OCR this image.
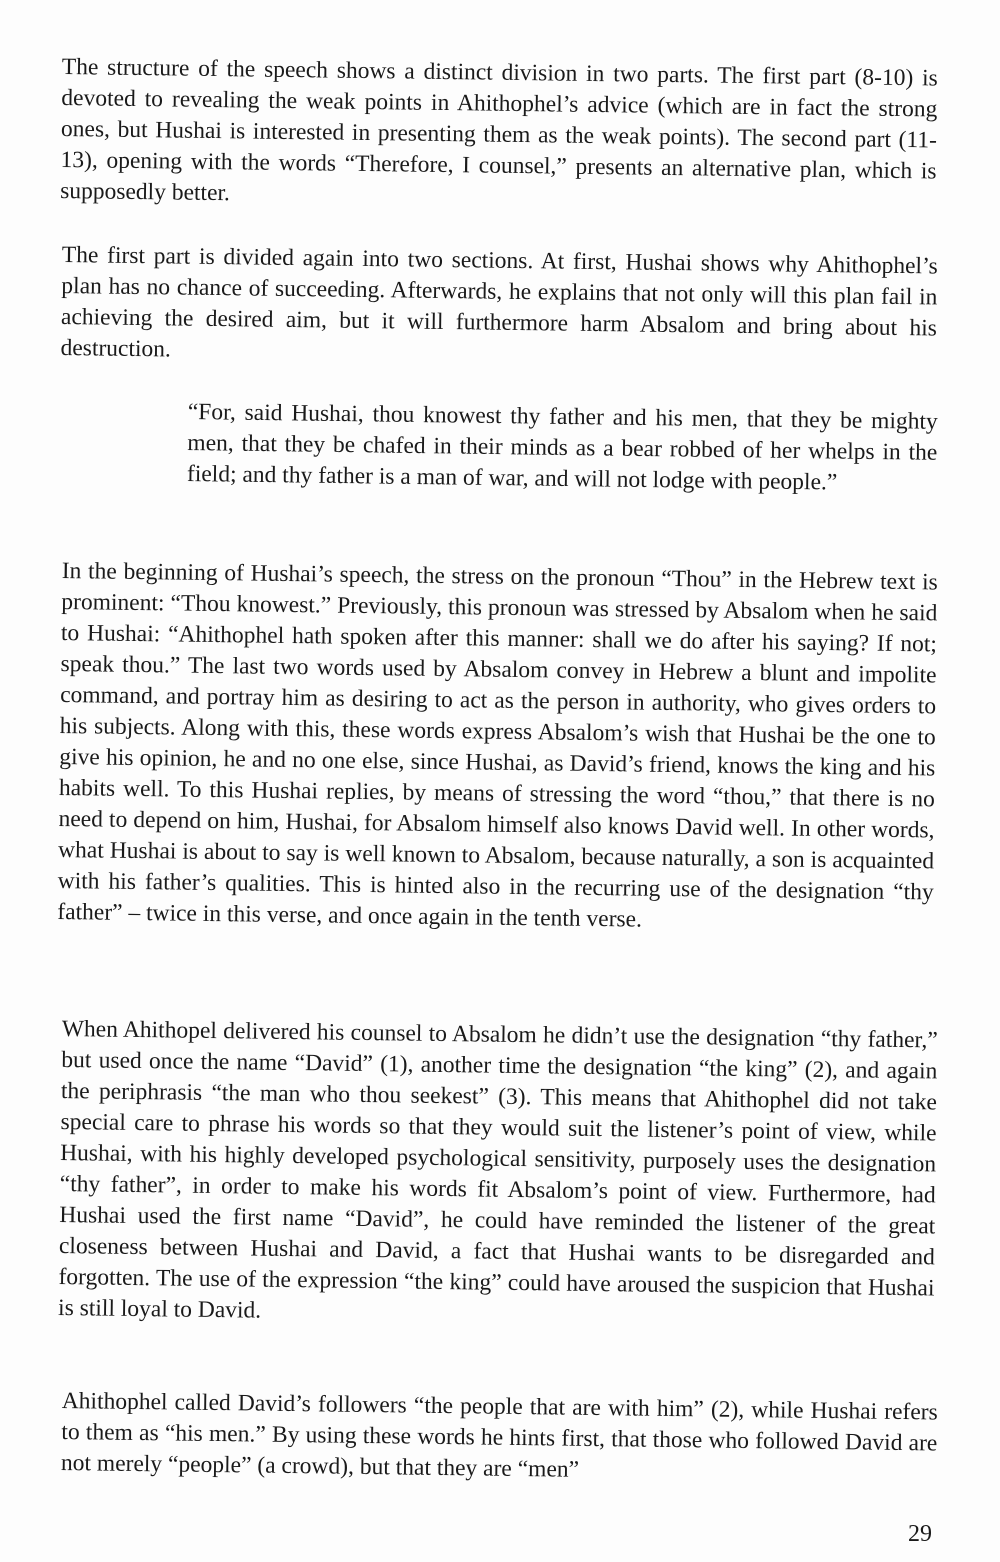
The structure of the speech shows a distinct division in two parts. The first part (8-10) is devoted to revealing the weak points in Ahithophel’s advice (which are in fact the strong ones, but Hushai is interested in presenting them as the weak points). The second part (11-13), opening with the words “Therefore, I counsel,” presents an alternative plan, which is supposedly better.

The first part is divided again into two sections. At first, Hushai shows why Ahithophel’s plan has no chance of succeeding. Afterwards, he explains that not only will this plan fail in achieving the desired aim, but it will furthermore harm Absalom and bring about his destruction.

“For, said Hushai, thou knowest thy father and his men, that they be mighty men, that they be chafed in their minds as a bear robbed of her whelps in the field; and thy father is a man of war, and will not lodge with people.”

In the beginning of Hushai’s speech, the stress on the pronoun “Thou” in the Hebrew text is prominent: “Thou knowest.” Previously, this pronoun was stressed by Absalom when he said to Hushai: “Ahithophel hath spoken after this manner: shall we do after his saying? If not; speak thou.” The last two words used by Absalom convey in Hebrew a blunt and impolite command, and portray him as desiring to act as the person in authority, who gives orders to his subjects. Along with this, these words express Absalom’s wish that Hushai be the one to give his opinion, he and no one else, since Hushai, as David’s friend, knows the king and his habits well. To this Hushai replies, by means of stressing the word “thou,” that there is no need to depend on him, Hushai, for Absalom himself also knows David well. In other words, what Hushai is about to say is well known to Absalom, because naturally, a son is acquainted with his father’s qualities. This is hinted also in the recurring use of the designation “thy father” – twice in this verse, and once again in the tenth verse.

When Ahithopel delivered his counsel to Absalom he didn’t use the designation “thy father,” but used once the name “David” (1), another time the designation “the king” (2), and again the periphrasis “the man who thou seekest” (3). This means that Ahithophel did not take special care to phrase his words so that they would suit the listener’s point of view, while Hushai, with his highly developed psychological sensitivity, purposely uses the designation “thy father”, in order to make his words fit Absalom’s point of view. Furthermore, had Hushai used the first name “David”, he could have reminded the listener of the great closeness between Hushai and David, a fact that Hushai wants to be disregarded and forgotten. The use of the expression “the king” could have aroused the suspicion that Hushai is still loyal to David.

Ahithophel called David’s followers “the people that are with him” (2), while Hushai refers to them as “his men.” By using these words he hints first, that those who followed David are not merely “people” (a crowd), but that they are “men”

29
